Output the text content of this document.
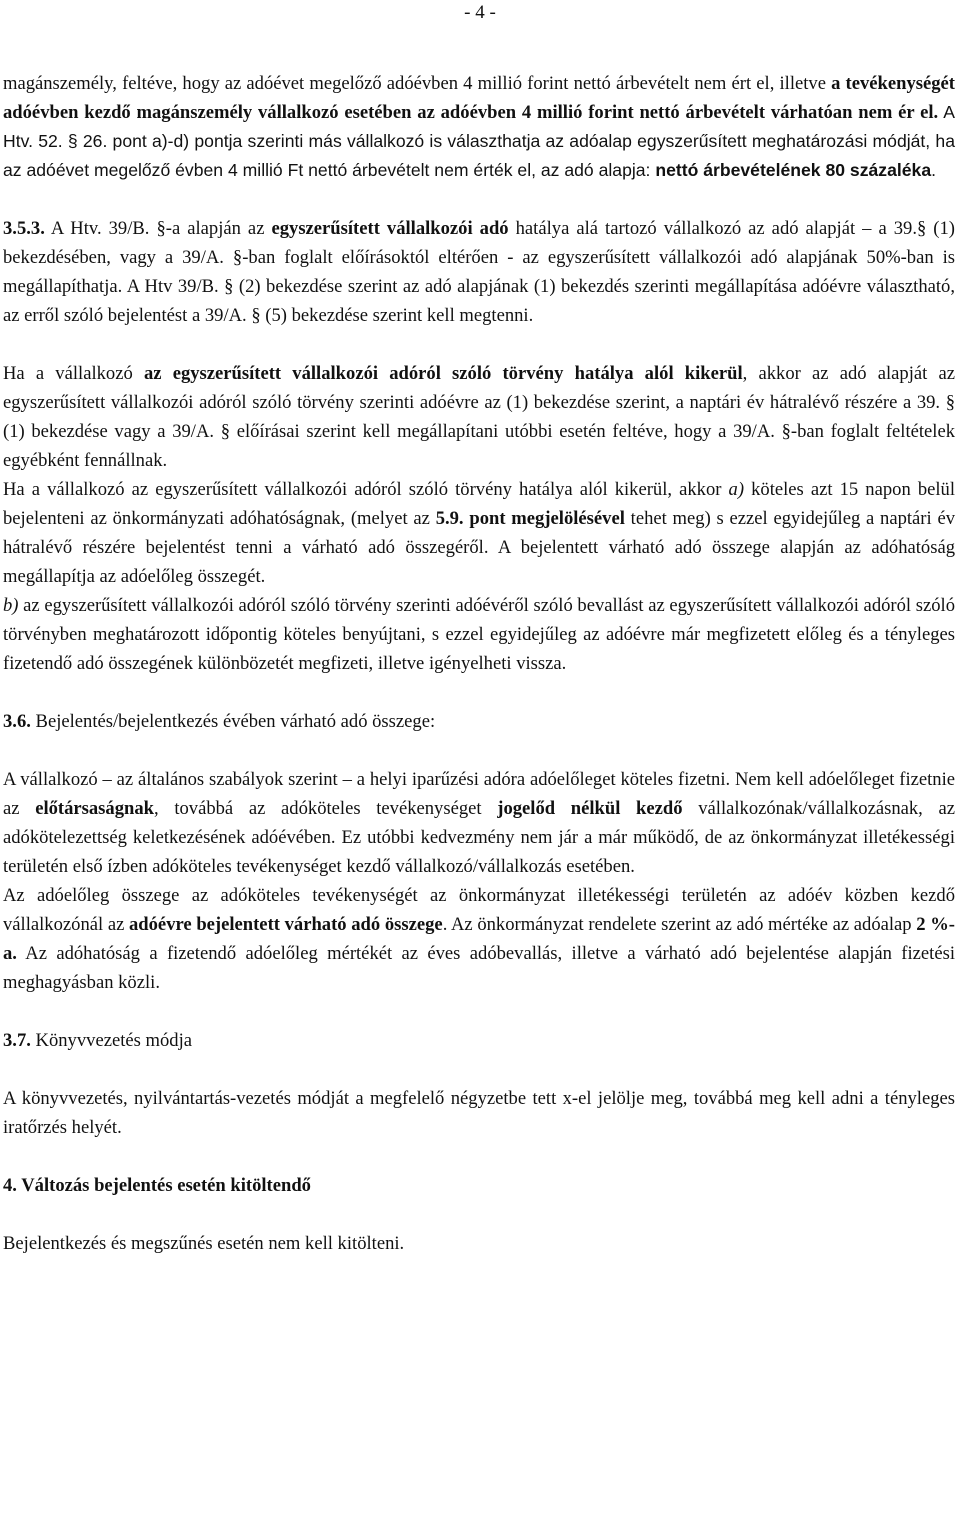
- 4 -

magánszemély, feltéve, hogy az adóévet megelőző adóévben 4 millió forint nettó árbevételt nem ért el, illetve a tevékenységét adóévben kezdő magánszemély vállalkozó esetében az adóévben 4 millió forint nettó árbevételt várhatóan nem ér el. A Htv. 52. § 26. pont a)-d) pontja szerinti más vállalkozó is választhatja az adóalap egyszerűsített meghatározási módját, ha az adóévet megelőző évben 4 millió Ft nettó árbevételt nem érték el, az adó alapja: nettó árbevételének 80 százaléka.

3.5.3. A Htv. 39/B. §-a alapján az egyszerűsített vállalkozói adó hatálya alá tartozó vállalkozó az adó alapját – a 39.§ (1) bekezdésében, vagy a 39/A. §-ban foglalt előírásoktól eltérően - az egyszerűsített vállalkozói adó alapjának 50%-ban is megállapíthatja. A Htv 39/B. § (2) bekezdése szerint az adó alapjának (1) bekezdés szerinti megállapítása adóévre választható, az erről szóló bejelentést a 39/A. § (5) bekezdése szerint kell megtenni.

Ha a vállalkozó az egyszerűsített vállalkozói adóról szóló törvény hatálya alól kikerül, akkor az adó alapját az egyszerűsített vállalkozói adóról szóló törvény szerinti adóévre az (1) bekezdése szerint, a naptári év hátralévő részére a 39. § (1) bekezdése vagy a 39/A. § előírásai szerint kell megállapítani utóbbi esetén feltéve, hogy a 39/A. §-ban foglalt feltételek egyébként fennállnak.

Ha a vállalkozó az egyszerűsített vállalkozói adóról szóló törvény hatálya alól kikerül, akkor a) köteles azt 15 napon belül bejelenteni az önkormányzati adóhatóságnak, (melyet az 5.9. pont megjelölésével tehet meg) s ezzel egyidejűleg a naptári év hátralévő részére bejelentést tenni a várható adó összegéről. A bejelentett várható adó összege alapján az adóhatóság megállapítja az adóelőleg összegét.

b) az egyszerűsített vállalkozói adóról szóló törvény szerinti adóévéről szóló bevallást az egyszerűsített vállalkozói adóról szóló törvényben meghatározott időpontig köteles benyújtani, s ezzel egyidejűleg az adóévre már megfizetett előleg és a tényleges fizetendő adó összegének különbözetét megfizeti, illetve igényelheti vissza.

3.6. Bejelentés/bejelentkezés évében várható adó összege:

A vállalkozó – az általános szabályok szerint – a helyi iparűzési adóra adóelőleget köteles fizetni. Nem kell adóelőleget fizetnie az előtársaságnak, továbbá az adóköteles tevékenységet jogelőd nélkül kezdő vállalkozónak/vállalkozásnak, az adókötelezettség keletkezésének adóévében. Ez utóbbi kedvezmény nem jár a már működő, de az önkormányzat illetékességi területén első ízben adóköteles tevékenységet kezdő vállalkozó/vállalkozás esetében.

Az adóelőleg összege az adóköteles tevékenységét az önkormányzat illetékességi területén az adóév közben kezdő vállalkozónál az adóévre bejelentett várható adó összege. Az önkormányzat rendelete szerint az adó mértéke az adóalap 2 %-a. Az adóhatóság a fizetendő adóelőleg mértékét az éves adóbevallás, illetve a várható adó bejelentése alapján fizetési meghagyásban közli.

3.7. Könyvvezetés módja

A könyvvezetés, nyilvántartás-vezetés módját a megfelelő négyzetbe tett x-el jelölje meg, továbbá meg kell adni a tényleges iratőrzés helyét.

4. Változás bejelentés esetén kitöltendő

Bejelentkezés és megszűnés esetén nem kell kitölteni.
